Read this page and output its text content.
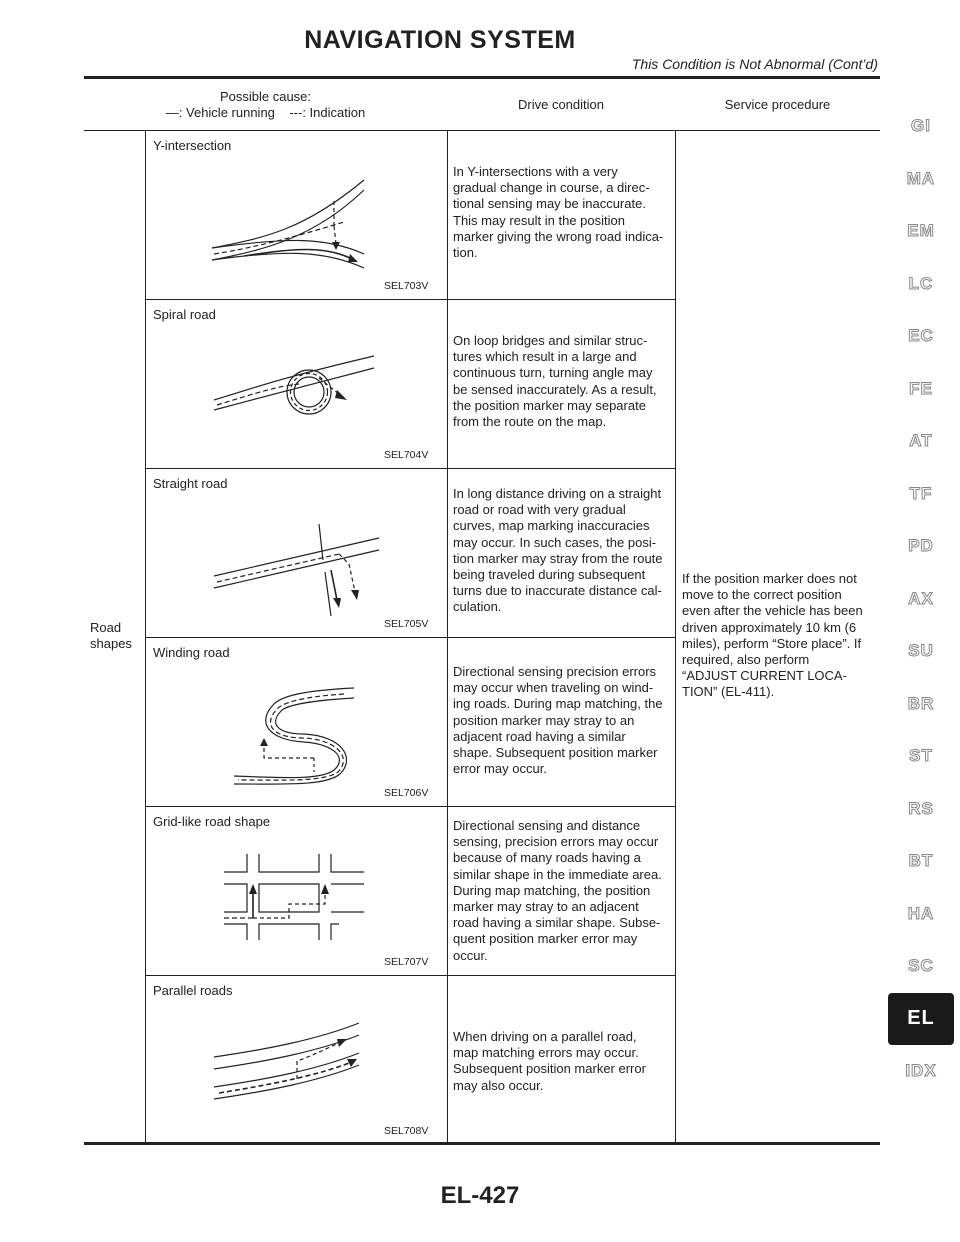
NAVIGATION SYSTEM
This Condition is Not Abnormal (Cont’d)
Possible cause:
—: Vehicle running    ---: Indication
Drive condition	Service procedure
Road
shapes
Y-intersection
SEL703V
In Y-intersections with a very
gradual change in course, a direc-
tional sensing may be inaccurate.
This may result in the position
marker giving the wrong road indica-
tion.
Spiral road
SEL704V
On loop bridges and similar struc-
tures which result in a large and
continuous turn, turning angle may
be sensed inaccurately. As a result,
the position marker may separate
from the route on the map.
Straight road
SEL705V
In long distance driving on a straight
road or road with very gradual
curves, map marking inaccuracies
may occur. In such cases, the posi-
tion marker may stray from the route
being traveled during subsequent
turns due to inaccurate distance cal-
culation.
Winding road
SEL706V
Directional sensing precision errors
may occur when traveling on wind-
ing roads. During map matching, the
position marker may stray to an
adjacent road having a similar
shape. Subsequent position marker
error may occur.
Grid-like road shape
SEL707V
Directional sensing and distance
sensing, precision errors may occur
because of many roads having a
similar shape in the immediate area.
During map matching, the position
marker may stray to an adjacent
road having a similar shape. Subse-
quent position marker error may
occur.
Parallel roads
SEL708V
When driving on a parallel road,
map matching errors may occur.
Subsequent position marker error
may also occur.
If the position marker does not
move to the correct position
even after the vehicle has been
driven approximately 10 km (6
miles), perform “Store place”. If
required, also perform
“ADJUST CURRENT LOCA-
TION” (EL-411).
EL-427
GI
MA
EM
LC
EC
FE
AT
TF
PD
AX
SU
BR
ST
RS
BT
HA
SC
EL
IDX
